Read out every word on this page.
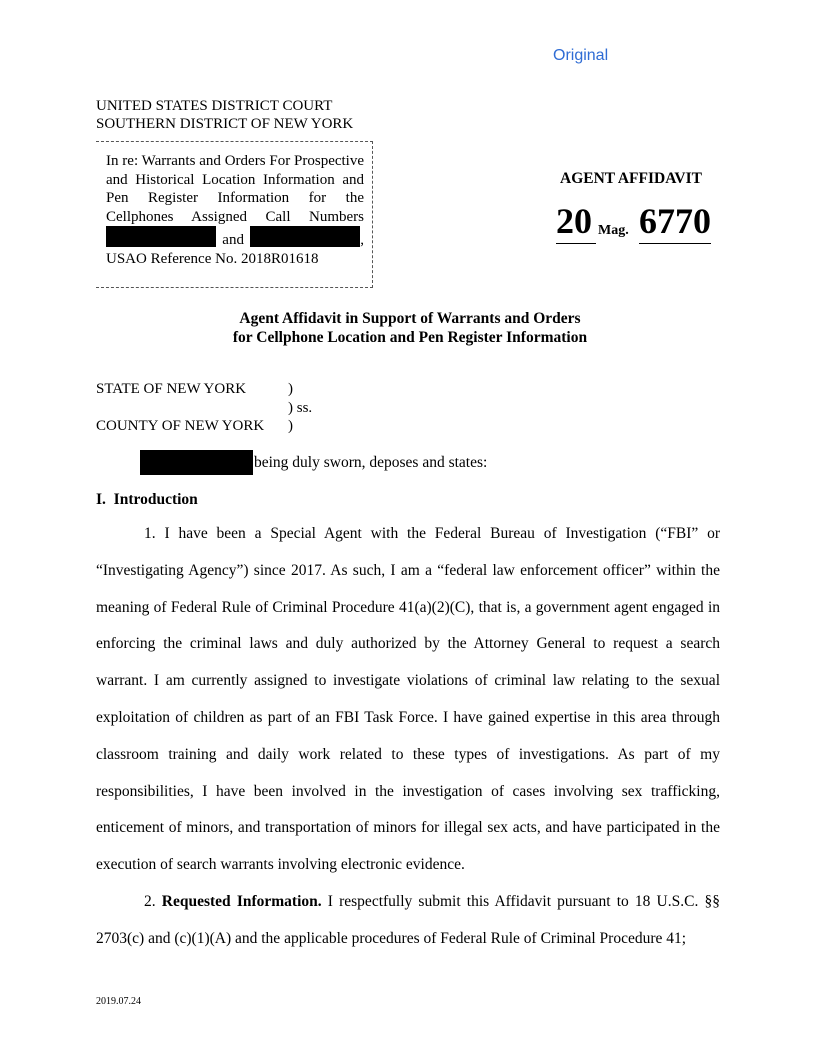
Original
UNITED STATES DISTRICT COURT
SOUTHERN DISTRICT OF NEW YORK
In re: Warrants and Orders For Prospective and Historical Location Information and Pen Register Information for the Cellphones Assigned Call Numbers  and	, USAO Reference No. 2018R01618
AGENT AFFIDAVIT
20 Mag. 6770
Agent Affidavit in Support of Warrants and Orders
for Cellphone Location and Pen Register Information
STATE OF NEW YORK	)
) ss.
COUNTY OF NEW YORK )
being duly sworn, deposes and states:
I. Introduction
1. I have been a Special Agent with the Federal Bureau of Investigation (“FBI” or “Investigating Agency”) since 2017. As such, I am a “federal law enforcement officer” within the meaning of Federal Rule of Criminal Procedure 41(a)(2)(C), that is, a government agent engaged in enforcing the criminal laws and duly authorized by the Attorney General to request a search warrant. I am currently assigned to investigate violations of criminal law relating to the sexual exploitation of children as part of an FBI Task Force. I have gained expertise in this area through classroom training and daily work related to these types of investigations. As part of my responsibilities, I have been involved in the investigation of cases involving sex trafficking, enticement of minors, and transportation of minors for illegal sex acts, and have participated in the execution of search warrants involving electronic evidence.
2. Requested Information. I respectfully submit this Affidavit pursuant to 18 U.S.C. §§ 2703(c) and (c)(1)(A) and the applicable procedures of Federal Rule of Criminal Procedure 41;
2019.07.24
